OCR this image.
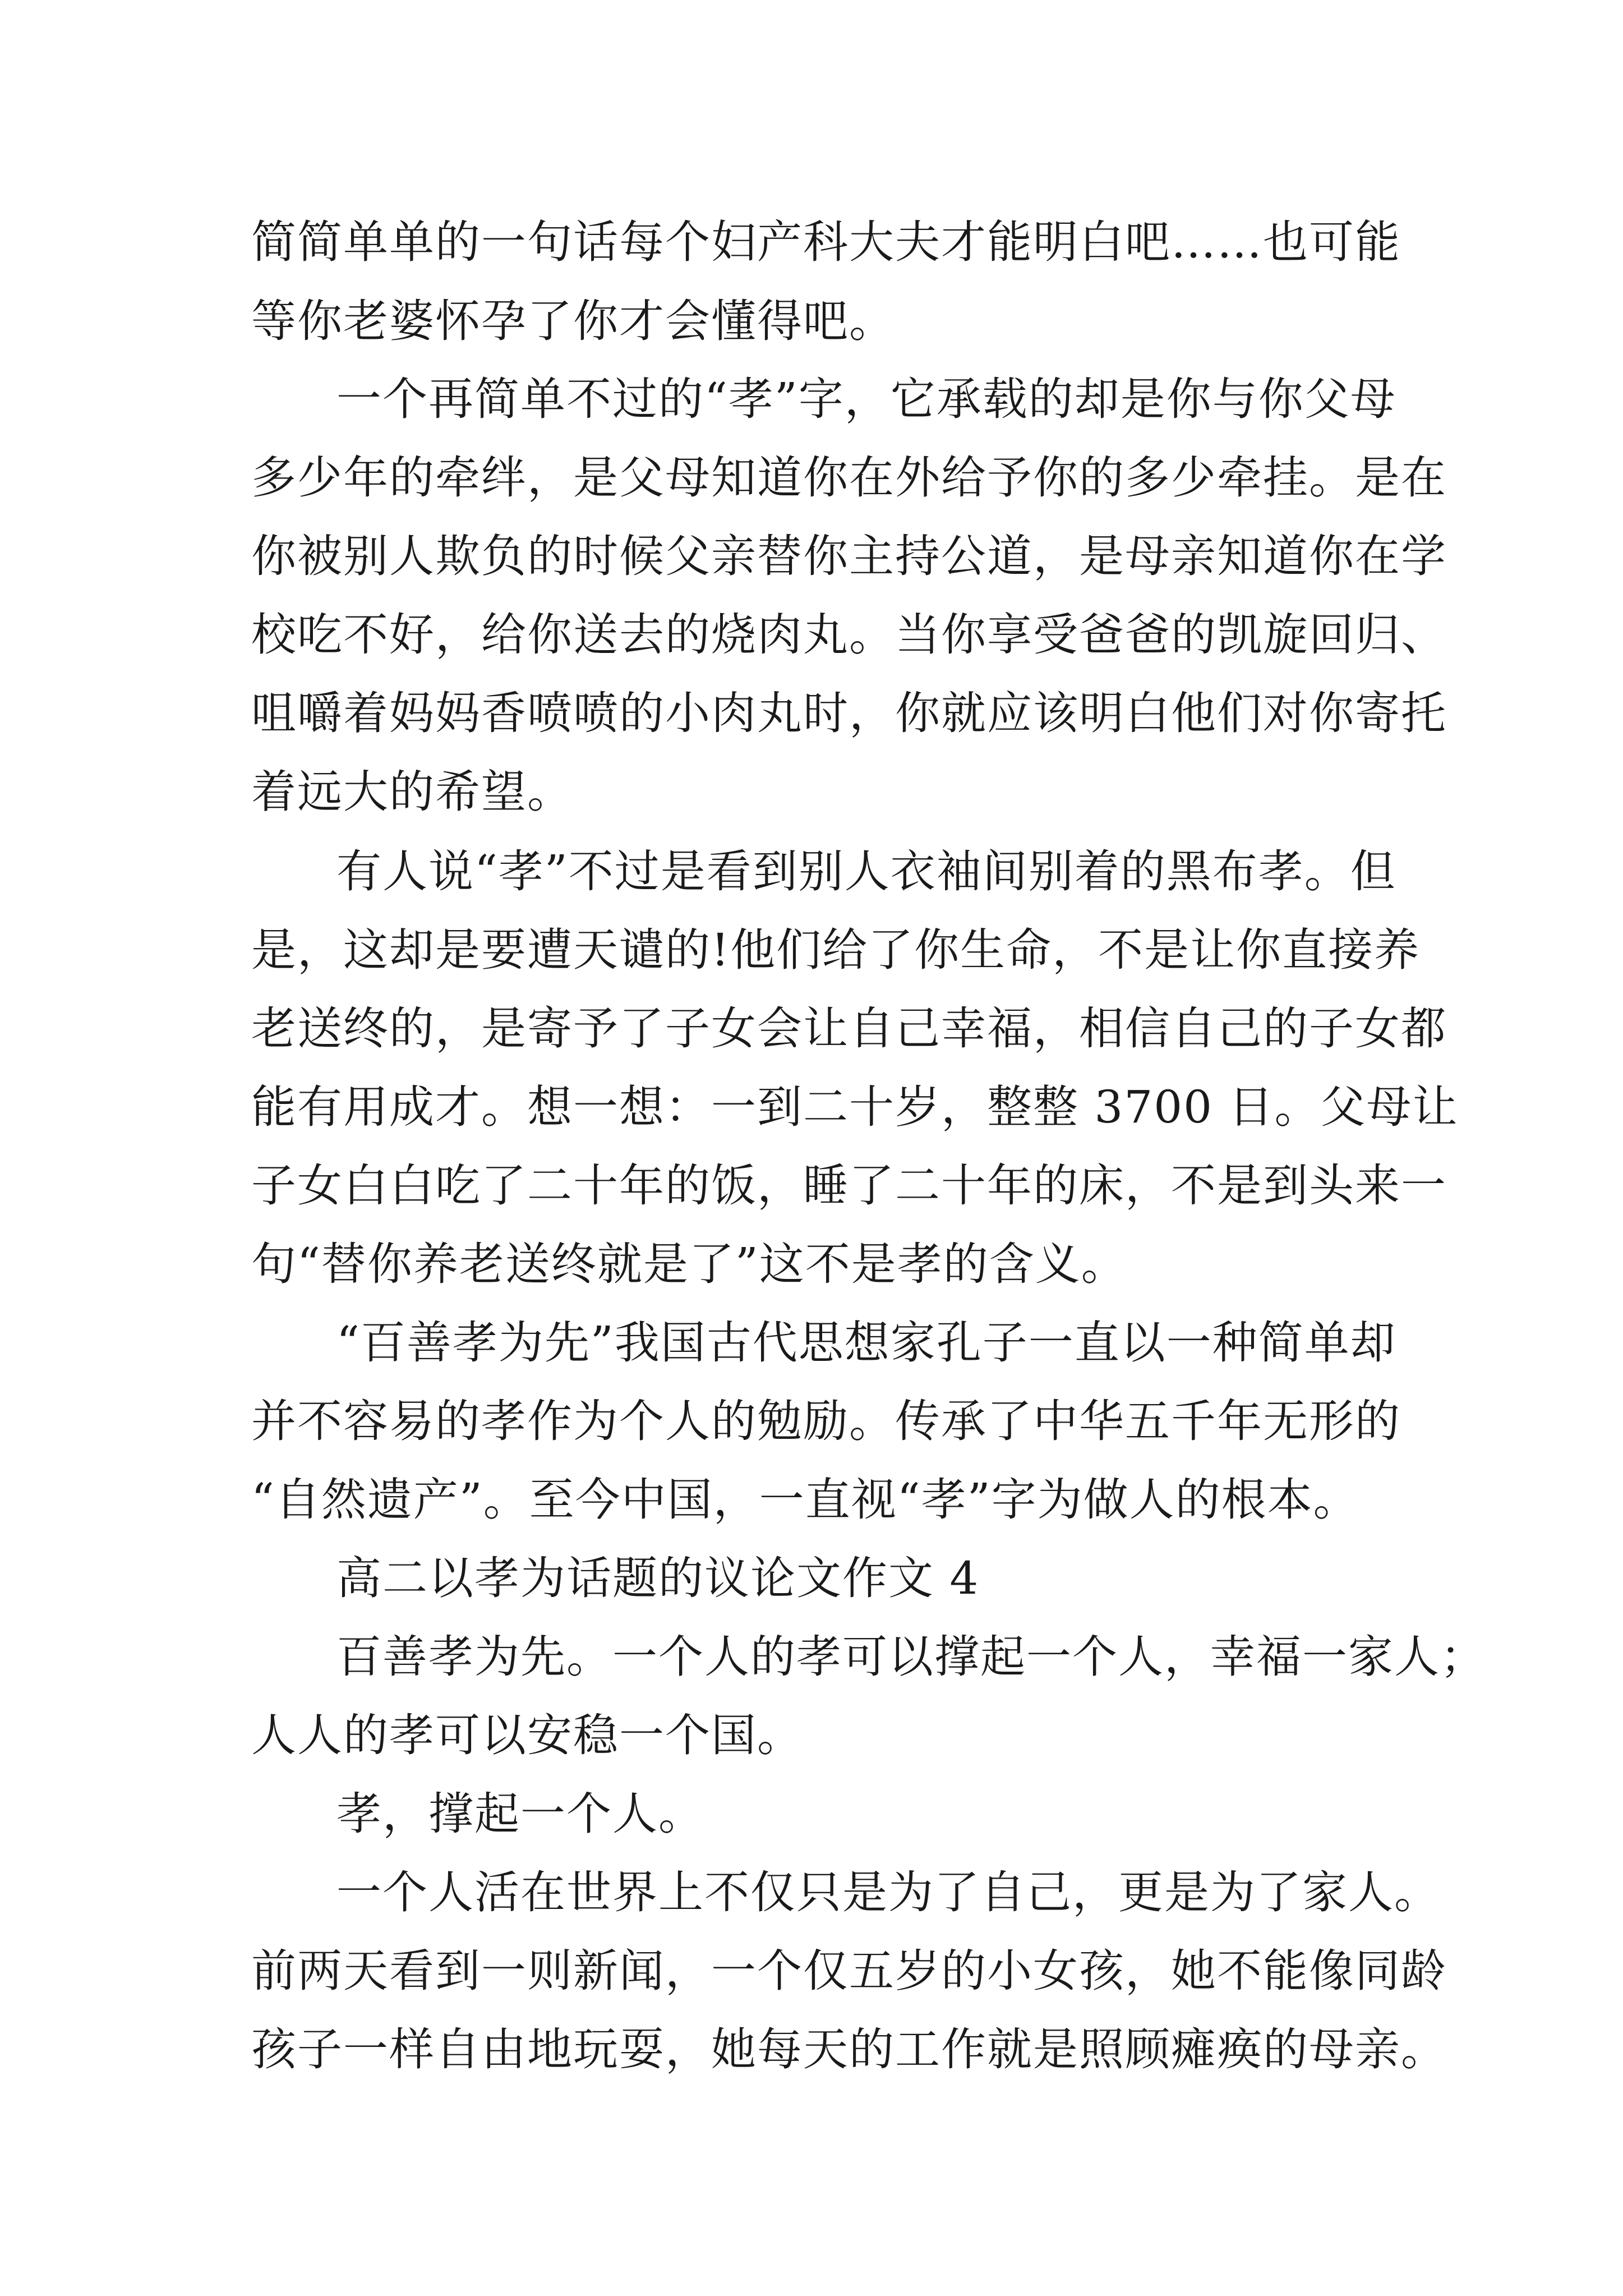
简简单单的一句话每个妇产科大夫才能明白吧……也可能
等你老婆怀孕了你才会懂得吧。
一个再简单不过的“孝”字，它承载的却是你与你父母
多少年的牵绊，是父母知道你在外给予你的多少牵挂。是在
你被别人欺负的时候父亲替你主持公道，是母亲知道你在学
校吃不好，给你送去的烧肉丸。当你享受爸爸的凯旋回归、
咀嚼着妈妈香喷喷的小肉丸时，你就应该明白他们对你寄托
着远大的希望。
有人说“孝”不过是看到别人衣袖间别着的黑布孝。但
是，这却是要遭天谴的!他们给了你生命，不是让你直接养
老送终的，是寄予了子女会让自己幸福，相信自己的子女都
能有用成才。想一想：一到二十岁，整整 3700 日。父母让
子女白白吃了二十年的饭，睡了二十年的床，不是到头来一
句“替你养老送终就是了”这不是孝的含义。
“百善孝为先”我国古代思想家孔子一直以一种简单却
并不容易的孝作为个人的勉励。传承了中华五千年无形的
“自然遗产”。至今中国，一直视“孝”字为做人的根本。
高二以孝为话题的议论文作文 4
百善孝为先。一个人的孝可以撑起一个人，幸福一家人；
人人的孝可以安稳一个国。
孝，撑起一个人。
一个人活在世界上不仅只是为了自己，更是为了家人。
前两天看到一则新闻，一个仅五岁的小女孩，她不能像同龄
孩子一样自由地玩耍，她每天的工作就是照顾瘫痪的母亲。
